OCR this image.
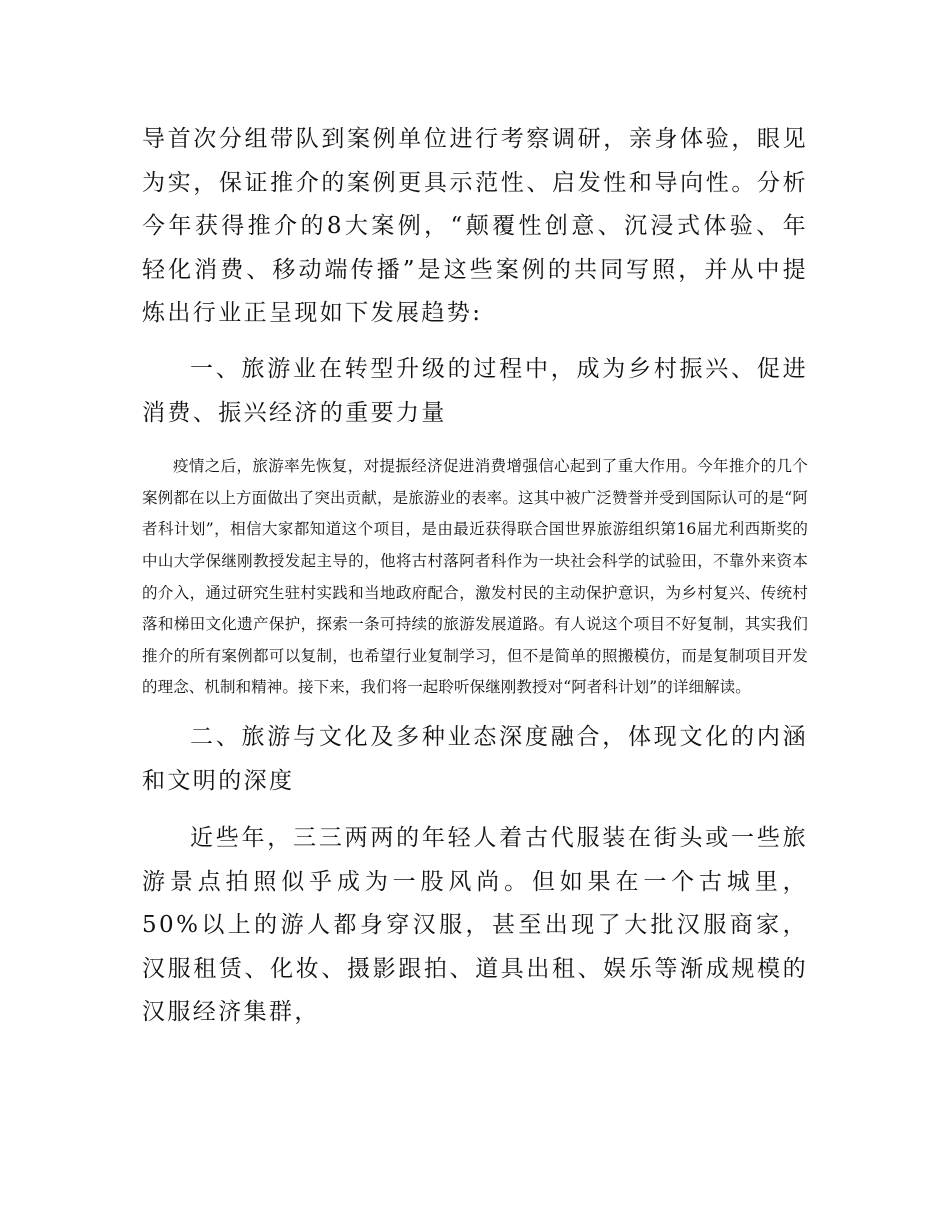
导首次分组带队到案例单位进行考察调研，亲身体验，眼见为实，保证推介的案例更具示范性、启发性和导向性。分析今年获得推介的8大案例，“颠覆性创意、沉浸式体验、年轻化消费、移动端传播”是这些案例的共同写照，并从中提炼出行业正呈现如下发展趋势:

一、旅游业在转型升级的过程中，成为乡村振兴、促进消费、振兴经济的重要力量

疫情之后，旅游率先恢复，对提振经济促进消费增强信心起到了重大作用。今年推介的几个案例都在以上方面做出了突出贡献，是旅游业的表率。这其中被广泛赞誉并受到国际认可的是“阿者科计划”，相信大家都知道这个项目，是由最近获得联合国世界旅游组织第16届尤利西斯奖的中山大学保继刚教授发起主导的，他将古村落阿者科作为一块社会科学的试验田，不靠外来资本的介入，通过研究生驻村实践和当地政府配合，激发村民的主动保护意识，为乡村复兴、传统村落和梯田文化遗产保护，探索一条可持续的旅游发展道路。有人说这个项目不好复制，其实我们推介的所有案例都可以复制，也希望行业复制学习，但不是简单的照搬模仿，而是复制项目开发的理念、机制和精神。接下来，我们将一起聆听保继刚教授对“阿者科计划”的详细解读。

二、旅游与文化及多种业态深度融合，体现文化的内涵和文明的深度

近些年，三三两两的年轻人着古代服装在街头或一些旅游景点拍照似乎成为一股风尚。但如果在一个古城里，50%以上的游人都身穿汉服，甚至出现了大批汉服商家，汉服租赁、化妆、摄影跟拍、道具出租、娱乐等渐成规模的汉服经济集群，
